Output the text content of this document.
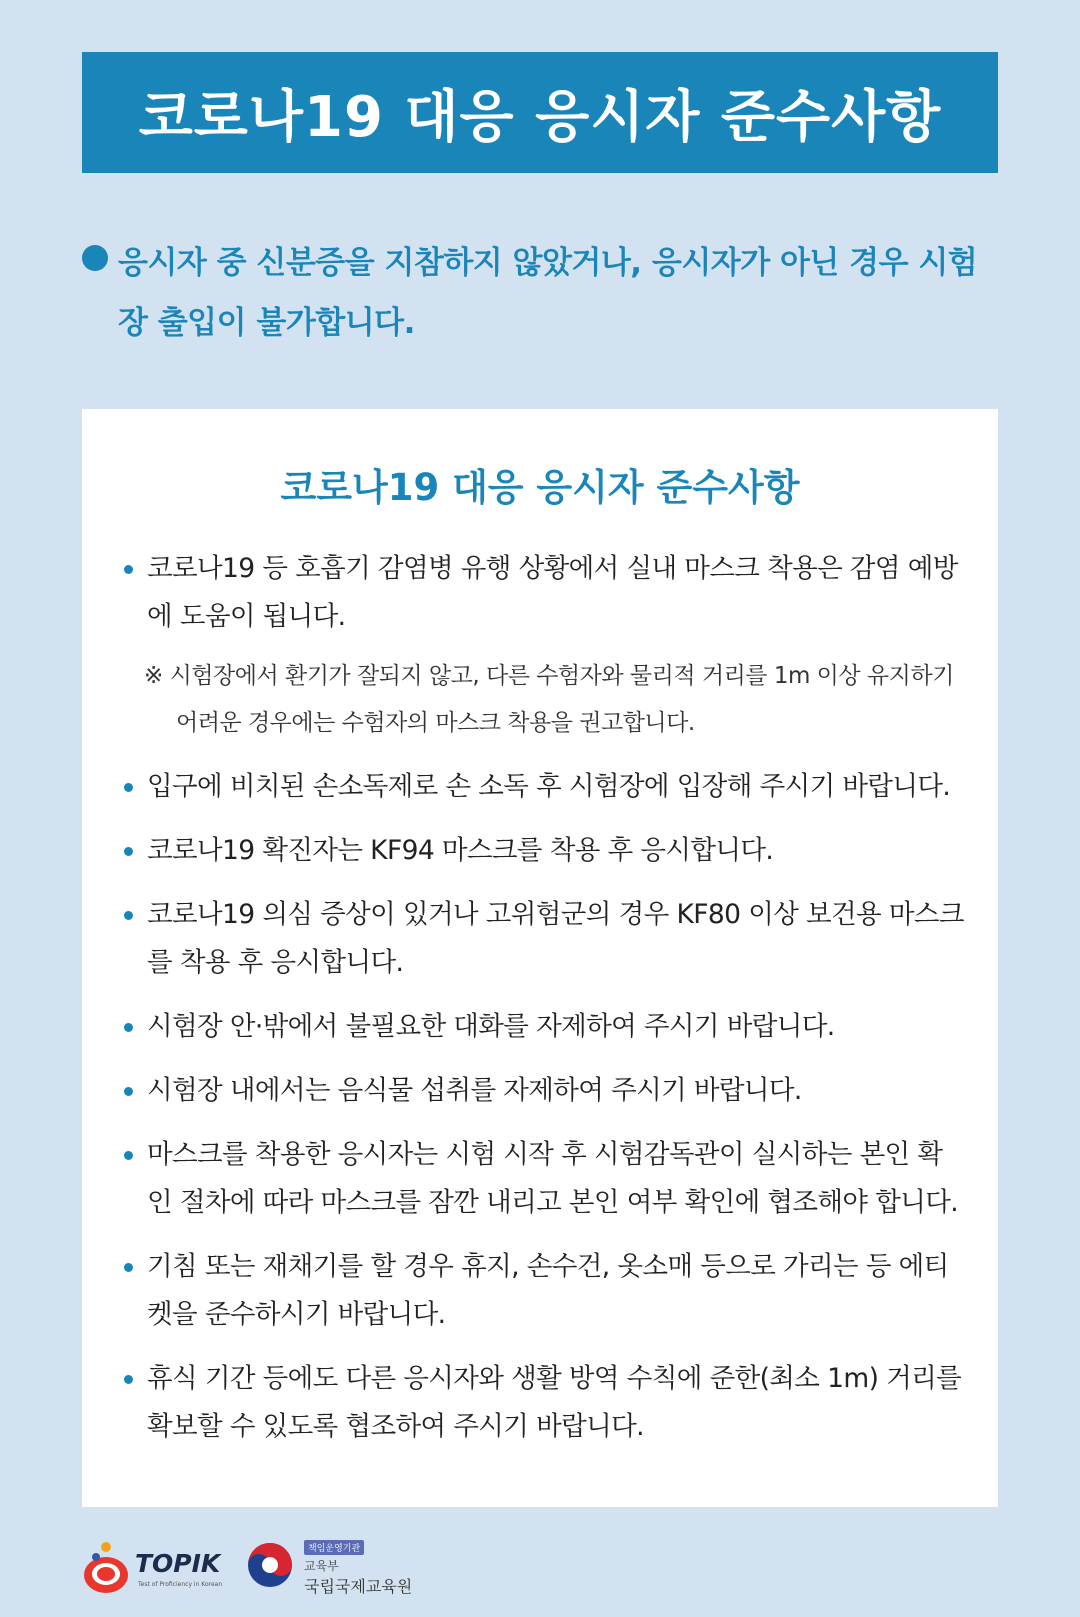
코로나19 대응 응시자 준수사항

응시자 중 신분증을 지참하지 않았거나, 응시자가 아닌 경우 시험장 출입이 불가합니다.

코로나19 대응 응시자 준수사항
코로나19 등 호흡기 감염병 유행 상황에서 실내 마스크 착용은 감염 예방에 도움이 됩니다.
※ 시험장에서 환기가 잘되지 않고, 다른 수험자와 물리적 거리를 1m 이상 유지하기 어려운 경우에는 수험자의 마스크 착용을 권고합니다.
입구에 비치된 손소독제로 손 소독 후 시험장에 입장해 주시기 바랍니다.
코로나19 확진자는 KF94 마스크를 착용 후 응시합니다.
코로나19 의심 증상이 있거나 고위험군의 경우 KF80 이상 보건용 마스크를 착용 후 응시합니다.
시험장 안·밖에서 불필요한 대화를 자제하여 주시기 바랍니다.
시험장 내에서는 음식물 섭취를 자제하여 주시기 바랍니다.
마스크를 착용한 응시자는 시험 시작 후 시험감독관이 실시하는 본인 확인 절차에 따라 마스크를 잠깐 내리고 본인 여부 확인에 협조해야 합니다.
기침 또는 재채기를 할 경우 휴지, 손수건, 옷소매 등으로 가리는 등 에티켓을 준수하시기 바랍니다.
휴식 기간 등에도 다른 응시자와 생활 방역 수칙에 준한(최소 1m) 거리를 확보할 수 있도록 협조하여 주시기 바랍니다.
TOPIK
Test of Proficiency in Korean
책임운영기관
교육부
국립국제교육원
